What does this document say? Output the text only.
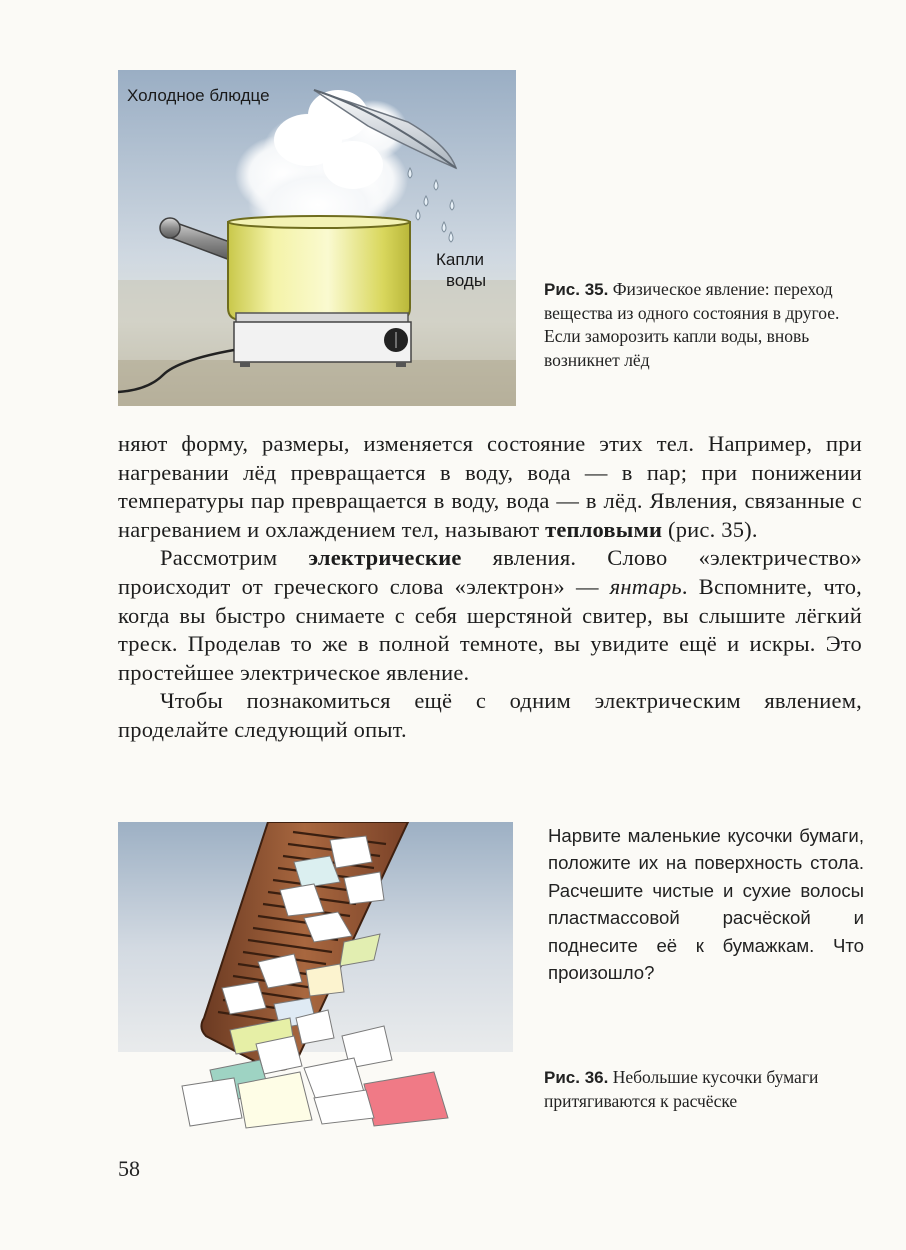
Холодное блюдце
Капли
воды	Рис. 35. Физическое явление: переход вещества из одного состояния в другое. Если заморозить капли воды, вновь возникнет лёд

няют форму, размеры, изменяется состояние этих тел. Например, при нагревании лёд превращается в воду, вода — в пар; при понижении температуры пар превращается в воду, вода — в лёд. Явления, связанные с нагреванием и охлаждением тел, называют тепловыми (рис. 35).

Рассмотрим электрические явления. Слово «электричество» происходит от греческого слова «электрон» — янтарь. Вспомните, что, когда вы быстро снимаете с себя шерстяной свитер, вы слышите лёгкий треск. Проделав то же в полной темноте, вы увидите ещё и искры. Это простейшее электрическое явление.

Чтобы познакомиться ещё с одним электрическим явлением, проделайте следующий опыт.

Нарвите маленькие кусочки бумаги, положите их на поверхность стола. Расчешите чистые и сухие волосы пластмассовой расчёской и поднесите её к бумажкам. Что произошло?
Рис. 36. Небольшие кусочки бумаги притягиваются к расчёске
58
